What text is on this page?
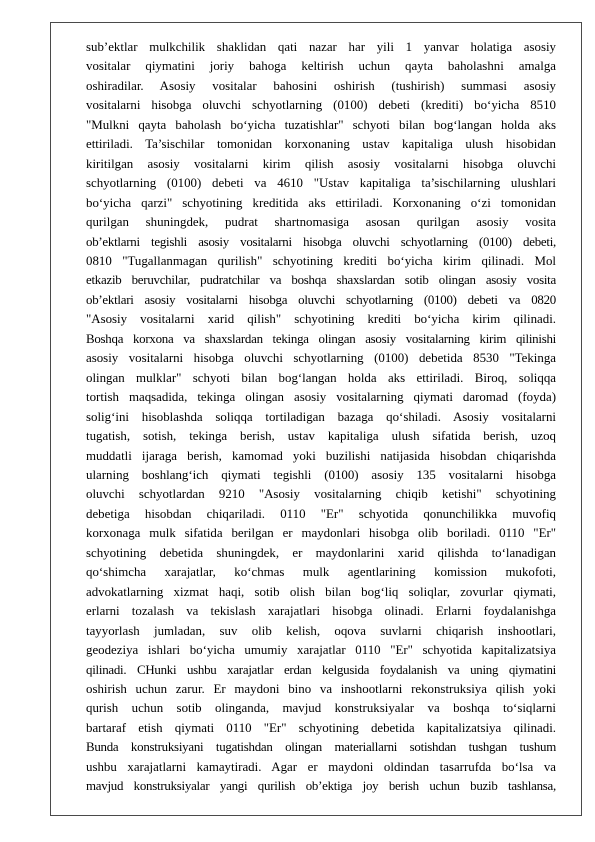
sub’ektlar mulkchilik shaklidan qati nazar har yili 1 yanvar holatiga asosiy
vositalar qiymatini joriy bahoga keltirish uchun qayta baholashni amalga
oshiradilar. Asosiy vositalar bahosini oshirish (tushirish) summasi asosiy
vositalarni hisobga oluvchi schyotlarning (0100) debeti (krediti) bo‘yicha 8510
"Mulkni qayta baholash bo‘yicha tuzatishlar" schyoti bilan bog‘langan holda aks
ettiriladi. Ta’sischilar tomonidan korxonaning ustav kapitaliga ulush hisobidan
kiritilgan asosiy vositalarni kirim qilish asosiy vositalarni hisobga oluvchi
schyotlarning (0100) debeti va 4610 "Ustav kapitaliga ta’sischilarning ulushlari
bo‘yicha qarzi" schyotining kreditida aks ettiriladi. Korxonaning o‘zi tomonidan
qurilgan shuningdek, pudrat shartnomasiga asosan qurilgan asosiy vosita
ob’ektlarni tegishli asosiy vositalarni hisobga oluvchi schyotlarning (0100) debeti,
0810 "Tugallanmagan qurilish" schyotining krediti bo‘yicha kirim qilinadi. Mol
etkazib beruvchilar, pudratchilar va boshqa shaxslardan sotib olingan asosiy vosita
ob’ektlari asosiy vositalarni hisobga oluvchi schyotlarning (0100) debeti va 0820
"Asosiy vositalarni xarid qilish" schyotining krediti bo‘yicha kirim qilinadi.
Boshqa korxona va shaxslardan tekinga olingan asosiy vositalarning kirim qilinishi
asosiy vositalarni hisobga oluvchi schyotlarning (0100) debetida 8530 "Tekinga
olingan mulklar" schyoti bilan bog‘langan holda aks ettiriladi. Biroq, soliqqa
tortish maqsadida, tekinga olingan asosiy vositalarning qiymati daromad (foyda)
solig‘ini hisoblashda soliqqa tortiladigan bazaga qo‘shiladi. Asosiy vositalarni
tugatish, sotish, tekinga berish, ustav kapitaliga ulush sifatida berish, uzoq
muddatli ijaraga berish, kamomad yoki buzilishi natijasida hisobdan chiqarishda
ularning boshlang‘ich qiymati tegishli (0100) asosiy 135 vositalarni hisobga
oluvchi schyotlardan 9210 "Asosiy vositalarning chiqib ketishi" schyotining
debetiga hisobdan chiqariladi. 0110 "Er" schyotida qonunchilikka muvofiq
korxonaga mulk sifatida berilgan er maydonlari hisobga olib boriladi. 0110 "Er"
schyotining debetida shuningdek, er maydonlarini xarid qilishda to‘lanadigan
qo‘shimcha xarajatlar, ko‘chmas mulk agentlarining komission mukofoti,
advokatlarning xizmat haqi, sotib olish bilan bog‘liq soliqlar, zovurlar qiymati,
erlarni tozalash va tekislash xarajatlari hisobga olinadi. Erlarni foydalanishga
tayyorlash jumladan, suv olib kelish, oqova suvlarni chiqarish inshootlari,
geodeziya ishlari bo‘yicha umumiy xarajatlar 0110 "Er" schyotida kapitalizatsiya
qilinadi. CHunki ushbu xarajatlar erdan kelgusida foydalanish va uning qiymatini
oshirish uchun zarur. Er maydoni bino va inshootlarni rekonstruksiya qilish yoki
qurish uchun sotib olinganda, mavjud konstruksiyalar va boshqa to‘siqlarni
bartaraf etish qiymati 0110 "Er" schyotining debetida kapitalizatsiya qilinadi.
Bunda konstruksiyani tugatishdan olingan materiallarni sotishdan tushgan tushum
ushbu xarajatlarni kamaytiradi. Agar er maydoni oldindan tasarrufda bo‘lsa va
mavjud konstruksiyalar yangi qurilish ob’ektiga joy berish uchun buzib tashlansa,
